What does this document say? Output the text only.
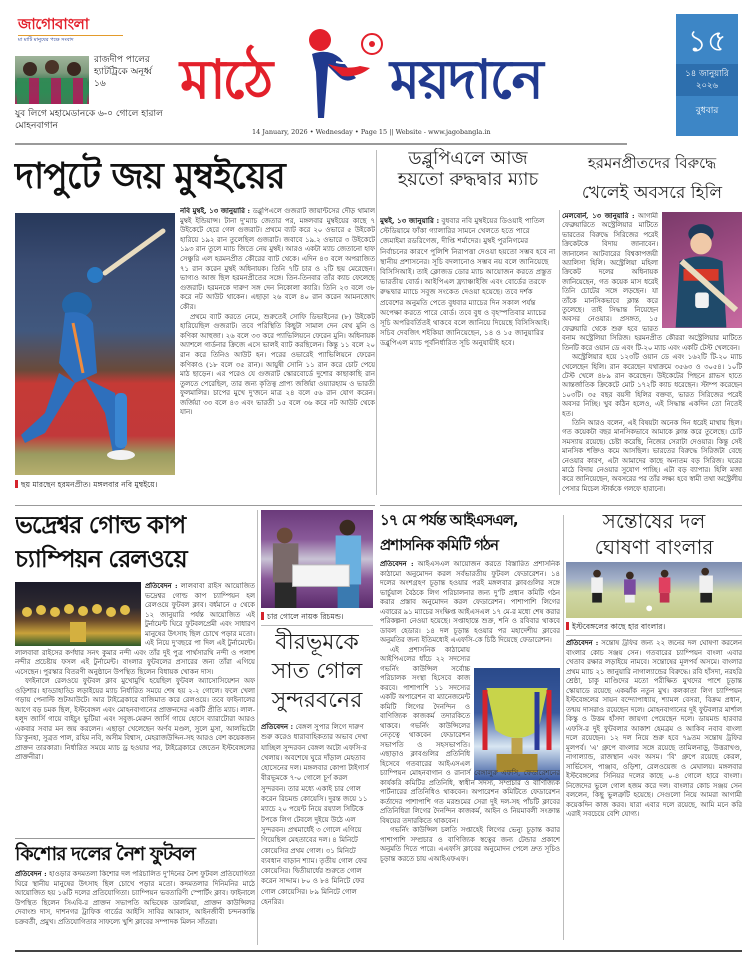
জাগোবাংলা
মা মাটি মানুষের পক্ষে সংবাদ
রাজদীপ পালের হ্যাটট্রিকে অনূর্ধ্ব ১৬
যুব লিগে মহামেডানকে ৬-০ গোলে হারাল মোহনবাগান
মাঠে ময়দানে
14 January, 2026 • Wednesday • Page 15 || Website - www.jagobangla.in
১৫
১৪ জানুয়ারি ২০২৬
বুধবার
দাপুটে জয় মুম্বইয়ের
ছয় মারছেন হরমনপ্রীত। মঙ্গলবার নবি মুম্বইয়ে।

নবি মুম্বই, ১৩ জানুয়ারি : ডব্লুপিএলে গুজরাট জায়ান্টসের দৌড় থামাল মুম্বই ইন্ডিয়ান্স। টানা দু'ম্যাচ জেতার পর, মঙ্গলবার মুম্বইয়ের কাছে ৭ উইকেটে হেরে গেল গুজরাট। প্রথমে ব্যাট করে ২০ ওভারে ৫ উইকেট হারিয়ে ১৯২ রান তুলেছিল গুজরাট। জবাবে ১৯.২ ওভারে ৩ উইকেটে ১৯৩ রান তুলে ম্যাচ জিতে নেয় মুম্বই। আরও একটা ম্যাচ জেতানো হাফ সেঞ্চুরি এল হরমনপ্রীত কৌরের ব্যাট থেকে। এদিন ৪৩ বলে অপরাজিত ৭১ রান করেন মুম্বই অধিনায়ক। তিনি ৭টি চার ও ২টি ছয় মেরেছেন। ভাগ্যও আজ ছিল হরমনপ্রীতের সঙ্গে। তিন-তিনবার তাঁর ক্যাচ ফেলেছে গুজরাট। হরমনকে দারুণ সঙ্গ দেন নিকোলা ক্যারি। তিনি ২৩ বলে ৩৮ করে নট আউট থাকেন। এছাড়া ২৬ বলে ৪০ রান করেন আমনজোৎ কৌর।

প্রথমে ব্যাট করতে নেমে, শুরুতেই সোফি ডিভাইনের (৮) উইকেট হারিয়েছিল গুজরাট। তবে পরিস্থিতি কিছুটা সামাল দেন বেথ মুনি ও কণিকা আহুজা। ২৬ বলে ৩৩ করে প্যাভিলিয়নে ফেরেন মুনি। অধিনায়ক অ্যাশলে গার্ডনার ক্রিজে এসে ভালই ব্যাট করছিলেন। কিন্তু ১১ বলে ২০ রান করে তিনিও আউট হন। পরের ওভারেই প্যাভিলিয়নে ফেরেন কণিকাও (১৮ বলে ৩৫ রান)। আয়ুষী সোনি ১১ রান করে চোট পেয়ে মাঠ ছাড়েন। এর পরেও যে গুজরাট স্কোরবোর্ডে দুশোর কাছাকাছি রান তুলতে পেরেছিল, তার জন্য কৃতিত্ব প্রাপ্য জর্জিয়া ওয়্যারহ্যাম ও ভারতী ফুলমালির। চাপের মুখে দু'জনে মাত্র ২৪ বলে ৫৬ রান যোগ করেন। জর্জিয়া ৩৩ বলে ৪৩ এবং ভারতী ১৫ বলে ৩৬ করে নট আউট থেকে যান।

ডব্লুপিএলে আজ হয়তো রুদ্ধদ্বার ম্যাচ

মুম্বই, ১৩ জানুয়ারি : বুধবার নবি মুম্বইয়ের ডিওয়াই পাতিল স্টেডিয়ামে ফাঁকা গ্যালারির সামনে খেলতে হতে পারে জেমাইমা রডরিগেজ, দীপ্তি শর্মাদের। মুম্বই পুরনিগমের নির্বাচনের কারণে পুলিশি নিরাপত্তা দেওয়া হয়তো সম্ভব হবে না স্থানীয় প্রশাসনের। সূচি বদলানোও সম্ভব নয় বলে জানিয়েছে বিসিসিআই। তাই ক্লোজড ডোর ম্যাচ আয়োজন করতে প্রস্তুত ভারতীয় বোর্ড। আইপিএল ফ্র্যাঞ্চাইজি এবং বোর্ডের তরফে রুদ্ধদ্বার ম্যাচে সবুজ সংকেত দেওয়া হয়েছে। তবে দর্শক প্রবেশের অনুমতি পেতে বুধবার ম্যাচের দিন সকাল পর্যন্ত অপেক্ষা করতে পারে বোর্ড। তবে বুধ ও বৃহস্পতিবার ম্যাচের সূচি অপরিবর্তিতই থাকবে বলে জানিয়ে দিয়েছে বিসিসিআই। সচিব দেবজিৎ শইকিয়া জানিয়েছেন, ১৪ ও ১৫ জানুয়ারির ডব্লুপিএল ম্যাচ পূর্বনির্ধারিত সূচি অনুযায়ীই হবে।

হরমনপ্রীতদের বিরুদ্ধে
খেলেই অবসরে হিলি

মেলবোর্ন, ১৩ জানুয়ারি : আগামী ফেব্রুয়ারিতে অস্ট্রেলিয়ার মাটিতে ভারতের বিরুদ্ধে সিরিজের পরেই ক্রিকেটকে বিদায় জানাবেন। জানালেন আটবারের বিশ্বকাপজয়ী অ্যালিসা হিলি। অস্ট্রেলিয়া মহিলা ক্রিকেট দলের অধিনায়ক জানিয়েছেন, গত কয়েক মাস ধরেই তিনি চোটের সঙ্গে লড়ছেন। যা তাঁকে মানসিকভাবে ক্লান্ত করে তুলেছে। তাই সিদ্ধান্ত নিয়েছেন অবসর নেওয়ার। প্রসঙ্গত, ১৫ ফেব্রুয়ারি থেকে শুরু হবে ভারত বনাম অস্ট্রেলিয়া সিরিজ। হরমনপ্রীত কৌররা অস্ট্রেলিয়ার মাটিতে তিনটি করে ওয়ান ডে এবং টি-২০ ম্যাচ এবং একটি টেস্ট খেলবেন।

অস্ট্রেলিয়ার হয়ে ১২৩টি ওয়ান ডে এবং ১৬২টি টি-২০ ম্যাচ খেলেছেন হিলি। রান করেছেন যথাক্রমে ৩৫৬৩ ও ৩০৫৪। ১০টি টেস্ট খেলে ৪৮৯ রান করেছেন। উইকেটের পিছনে গ্লাভস হাতে আন্তর্জাতিক ক্রিকেটে মোট ১৭২টি ক্যাচ ধরেছেন। স্টাম্প করেছেন ১০৩টি। ৩৫ বছর বয়সী হিলির বক্তব্য, ভারত সিরিজের পরেই অবসর নিচ্ছি। খুব কঠিন হলেও, এই সিদ্ধান্ত একদিন তো নিতেই হত।

তিনি আরও বলেন, এই বিষয়টা অনেক দিন ধরেই মাথায় ছিল। গত কয়েকটা বছর মানসিকভাবে আমাকে ক্লান্ত করে তুলেছে। চোট সমস্যায় রয়েছে। চেষ্টা করেছি, নিজের সেরাটা দেওয়ার। কিন্তু সেই মানসিক শক্তিও কমে আসছিল। ভারতের বিরুদ্ধে সিরিজটা বেছে নেওয়ার কারণ, এটা আমাদের কাছে অন্যতম বড় সিরিজ। ঘরের মাঠে বিদায় নেওয়ার সুযোগ পাচ্ছি। এটা বড় ব্যাপার। হিলি মজা করে জানিয়েছেন, অবসরের পর তাঁর লক্ষ্য হবে স্বামী তথা অস্ট্রেলীয় পেসার মিচেল স্টার্ককে গলফে হারানো।

ভদ্রেশ্বর গোল্ড কাপ
চ্যাম্পিয়ন রেলওয়ে

প্রতিবেদন : লালবাবা রাইস আয়োজিত ভদ্রেশ্বর গোল্ড কাপ চ্যাম্পিয়ন হল রেলওয়ে ফুটবল ক্লাব। বর্ধমানে ৫ থেকে ১২ জানুয়ারি পর্যন্ত আয়োজিত এই টুর্নামেন্ট ঘিরে ফুটবলপ্রেমী এবং সাধারণ মানুষের উৎসাহ ছিল চোখে পড়ার মতো। এই নিয়ে দু'বছরে পা দিল এই টুর্নামেন্টে। লালবাবা রাইসের কর্ণধার সনৎ কুমার নন্দী এবং তাঁর দুই পুত্র পার্থসারথি নন্দী ও পলাশ নন্দীর প্রচেষ্টায় ফসল এই টুর্নামেন্ট। বাংলার ফুটবলের প্রসারের জন্য তাঁরা এগিয়ে এসেছেন। পুরস্কার বিতরণী অনুষ্ঠানে উপস্থিত ছিলেন বিধায়ক খোকন দাস।

ফাইনালে রেলওয়ে ফুটবল ক্লাব মুখোমুখি হয়েছিল ফুটবল অ্যাসোসিয়েশন অফ ওড়িশার। হাড্ডাহাড্ডি লড়াইয়ের ম্যাচ নির্ধারিত সময়ে শেষ হয় ২-২ গোলে। ফলে খেলা গড়ায় পেনাল্টি শুটআউটে। আর টাইব্রেকারে বাজিমাত করে রেলওয়ে। তবে ফাইনালের আগে বড় চমক ছিল, ইস্টবেঙ্গল এবং মোহনবাগানের প্রাক্তনদের একটি প্রীতি ম্যাচ। লাল-হলুদ জার্সি গায়ে বাইচুং ভুটিয়া এবং সবুজ-মেরুন জার্সি গায়ে হোসে ব্যারাটোরা আরও একবার সবার মন জয় করলেন। এছাড়া খেলেছেন অর্ণব মণ্ডল, সুলে মুসা, আলভিটো ডি'কুনহা, সুব্রত পাল, রহিম নবি, অসীম বিশ্বাস, মেহরাজউদ্দিন-সহ আরও বেশ কয়েকজন প্রাক্তন তারকারা। নির্ধারিত সময়ে ম্যাচ ড্র হওয়ার পর, টাইব্রেকারে জেতেন ইস্টবেঙ্গলের প্রাক্তনীরা।

চার গোলে নায়ক রিচমন্ড।
বীরভূমকে সাত গোল সুন্দরবনের

প্রতিবেদন : বেঙ্গল সুপার লিগে দারুণ শুরু করেও ধারাবাহিকতার অভাব দেখা যাচ্ছিল সুন্দরবন বেঙ্গল অটো এফসি-র খেলায়। অবশেষে ঘুরে দাঁড়াল মেহতাব হোসেনের দল। মঙ্গলবার কোপা টাইগার্স বীরভূমকে ৭-০ গোলে চূর্ণ করল সুন্দরবন। তার মধ্যে একাই চার গোল করেন রিচমন্ড কোয়েসি। দুরন্ত জয়ে ১১ ম্যাচে ২০ পয়েন্ট নিয়ে রয়্যাল সিটিকে টপকে লিগ টেবলে দুইয়ে উঠে এল সুন্দরবন। প্রথমার্ধেই ৩ গোলে এগিয়ে গিয়েছিল মেহতাবের দল। ৪ মিনিটে কোয়েসির প্রথম গোল। ৩১ মিনিটে ব্যবধান বাড়ান শ্যাম। তৃতীয় গোল ফের কোয়েসির। দ্বিতীয়ার্ধের শুরুতে গোল করেন সাদ্দাম। ৮০ ও ৮৪ মিনিটে ফের গোল কোয়েসির। ৮৯ মিনিটে গোল হেনরির।

কিশোর দলের নৈশ ফুটবল

প্রতিবেদন : হাওড়ার কদমতলা কিশোর দল পরিচালিত দু'দিনের নৈশ ফুটবল প্রতিযোগিতা ঘিরে স্থানীয় মানুষের উৎসাহ ছিল চোখে পড়ার মতো। কদমতলার দিনিমনির মাঠে আয়োজিত হয় ১৬টি দলের প্রতিযোগিতা। চ্যাম্পিয়ন ভবতারিণী স্পোর্টিং ক্লাব। ফাইনালে উপস্থিত ছিলেন সিএবি-র প্রাক্তন সভাপতি অভিষেক ডালমিয়া, প্রাক্তন কাউন্সিলর দেবাংশু দাস, দাশনগর ট্রাফিক গার্ডের আইসি সাবির আব্বাস, আইনজীবী চন্দনকান্তি চক্রবর্তী, প্রমুখ। প্রতিযোগিতার সাফল্যে খুশি ক্লাবের সম্পাদক মিলন সাঁতরা।

১৭ মে পর্যন্ত আইএসএল,
প্রশাসনিক কমিটি গঠন

প্রতিবেদন : আইএসএল আয়োজন করতে বিস্তারিত প্রশাসনিক কাঠামো অনুমোদন করল সর্বভারতীয় ফুটবল ফেডারেশন। ১৪ দলের অংশগ্রহণ চূড়ান্ত হওয়ার পরই মঙ্গলবার ক্লাবগুলির সঙ্গে ভার্চুয়াল বৈঠকে লিগ পরিচালনার জন্য দু'টি প্রধান কমিটি গঠন করার প্রস্তাব অনুমোদন করল ফেডারেশন। পাশাপাশি লিগের এবারের ৯১ ম্যাচের সংক্ষিপ্ত আইএসএল ১৭ মে-র মধ্যে শেষ করার পরিকল্পনা নেওয়া হয়েছে। সপ্তাহান্তে শুক্র, শনি ও রবিবার থাকবে ডাবল হেডার। ১৪ দল চূড়ান্ত হওয়ার পর মহাদেশীয় ক্লাবের অনুমতির জন্য ইতিমধ্যেই এএফসি-কে চিঠি দিয়েছে ফেডারেশন।

এই প্রশাসনিক কাঠামোয় আইপিএলের ধাঁচে ২২ সদস্যের গভর্নিং কাউন্সিল সর্বোচ্চ পরিচালক সংস্থা হিসেবে কাজ করবে। পাশাপাশি ১১ সদস্যের একটি অপারেশন বা ম্যানেজমেন্ট কমিটি লিগের দৈনন্দিন ও বাণিজ্যিক কাজকর্ম তদারকিতে থাকবে। গভর্নিং কাউন্সিলের নেতৃত্বে থাকবেন ফেডারেশন সভাপতি ও সহসভাপতি। এছাড়াও ক্লাবগুলির প্রতিনিধি হিসেবে গতবারের আইএসএল চ্যাম্পিয়ন মোহনবাগান ও রানার্স বেঙ্গালুরু এফসি, ফেডারেশনের কার্যকরি কমিটির প্রতিনিধি, স্বাধীন সদস্য, সম্প্রচার ও বাণিজ্যিক পার্টনারের প্রতিনিধিও থাকবেন। অপারেশন কমিটিতে ফেডারেশন কর্তাদের পাশাপাশি গত মরশুমের সেরা দুই দল-সহ পাঁচটি ক্লাবের প্রতিনিধিরা লিগের দৈনন্দিন কাজকর্ম, আইন ও নিয়মাবলী সংক্রান্ত বিষয়ের তদারকিতে থাকবেন।

গভর্নিং কাউন্সিল চলতি সপ্তাহেই লিগের ভেন্যু চূড়ান্ত করার পাশাপাশি সম্প্রচার ও বাণিজ্যিক স্বত্বের জন্য টেন্ডার প্রকাশে অনুমতি দিতে পারে। এএফসি ক্লাবের অনুমোদন পেলে দ্রুত সূচিও চূড়ান্ত করতে চায় এআইএফএফ।

সন্তোষের দল
ঘোষণা বাংলার
ইস্টবেঙ্গলের কাছে হার বাংলার।

প্রতিবেদন : সন্তোষ ট্রফির জন্য ২২ জনের দল ঘোষণা করলেন বাংলার কোচ সঞ্জয় সেন। গতবারের চ্যাম্পিয়ন বাংলা এবার খেতাব রক্ষার লড়াইয়ে নামবে। সন্তোষের মূলপর্ব অসমে। বাংলার প্রথম ম্যাচ ২১ জানুয়ারি নাগাল্যান্ডের বিরুদ্ধে। রবি হাঁসদা, নরহরি শ্রেষ্ঠা, চাকু মাণ্ডিদের মতো পরীক্ষিত মুখদের পাশে চূড়ান্ত স্কোয়াডে রয়েছে একঝাঁক নতুন মুখ। কলকাতা লিগ চ্যাম্পিয়ন ইস্টবেঙ্গলের সায়ন বন্দ্যোপাধ্যায়, শ্যামল বেসরা, বিক্রম প্রধান, তন্ময় দাসরাও রয়েছেন দলে। মোহনবাগানের দুই ফুটবলার মার্শাল কিস্কু ও উত্তম হাঁসদা জায়গা পেয়েছেন দলে। ডায়মন্ড হারবার এফসি-র দুই ফুটবলার আকাশ হেমব্রম ও আকিব নবাব বাংলা দলে রয়েছেন। ১২ দল নিয়ে শুরু হবে ৭৯তম সন্তোষ ট্রফির মূলপর্ব। 'এ' গ্রুপে বাংলার সঙ্গে রয়েছে তামিলনাড়ু, উত্তরাখণ্ড, নাগাল্যান্ড, রাজস্থান এবং অসম। 'বি' গ্রুপে রয়েছে কেরল, সার্ভিসেস, পাঞ্জাব, ওড়িশা, রেলওয়েজ ও মেঘালয়। মঙ্গলবার ইস্টবেঙ্গলের সিনিয়র দলের কাছে ০-৪ গোলে হারে বাংলা। নিজেদের ভুলে গোল হজম করে দল। বাংলার কোচ সঞ্জয় সেন বললেন, কিছু ভুলত্রুটি হয়েছে। সেগুলো নিয়ে আমরা আগামী কয়েকদিন কাজ করব। যারা এবার দলে রয়েছে, আমি মনে করি এরাই সবচেয়ে বেশি যোগ্য।
